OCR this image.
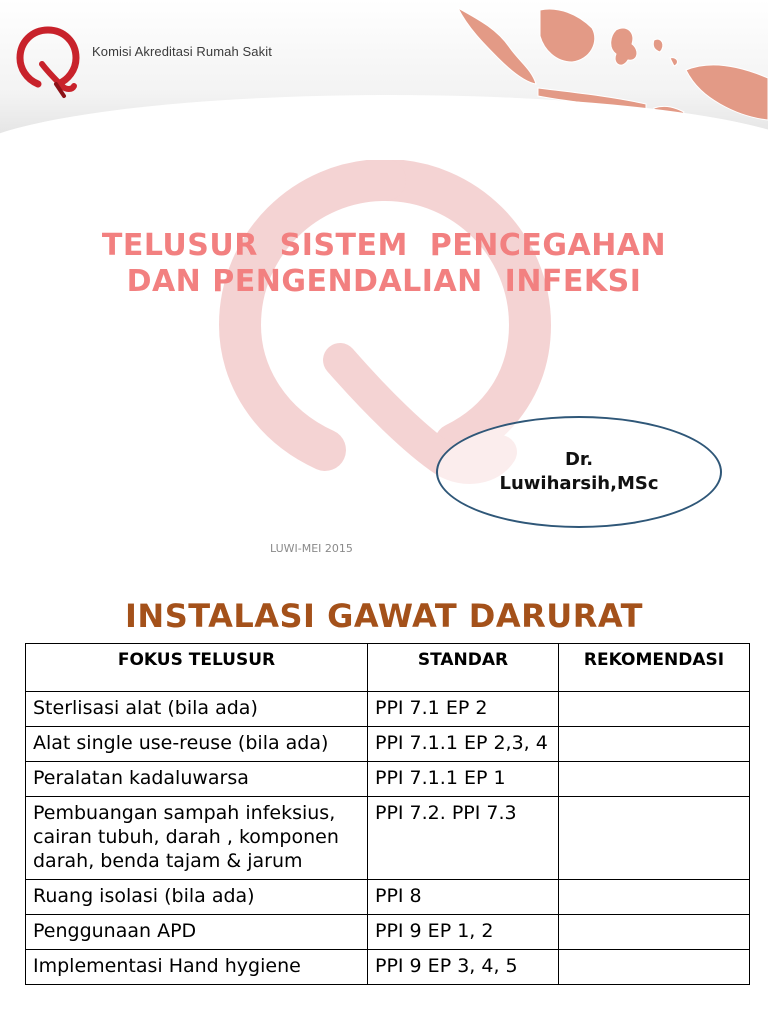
Komisi Akreditasi Rumah Sakit
TELUSUR  SISTEM  PENCEGAHAN
DAN PENGENDALIAN  INFEKSI
Dr.
Luwiharsih,MSc
LUWI-MEI 2015
INSTALASI GAWAT DARURAT
FOKUS TELUSUR	STANDAR	REKOMENDASI
Sterlisasi alat (bila ada)	PPI 7.1 EP 2	
Alat single use-reuse (bila ada)	PPI 7.1.1 EP 2,3, 4	
Peralatan kadaluwarsa	PPI 7.1.1 EP 1	
Pembuangan sampah infeksius, cairan tubuh, darah , komponen darah, benda tajam & jarum	PPI 7.2. PPI 7.3	
Ruang isolasi (bila ada)	PPI 8	
Penggunaan APD	PPI 9 EP 1, 2	
Implementasi Hand hygiene	PPI 9 EP 3, 4, 5	
